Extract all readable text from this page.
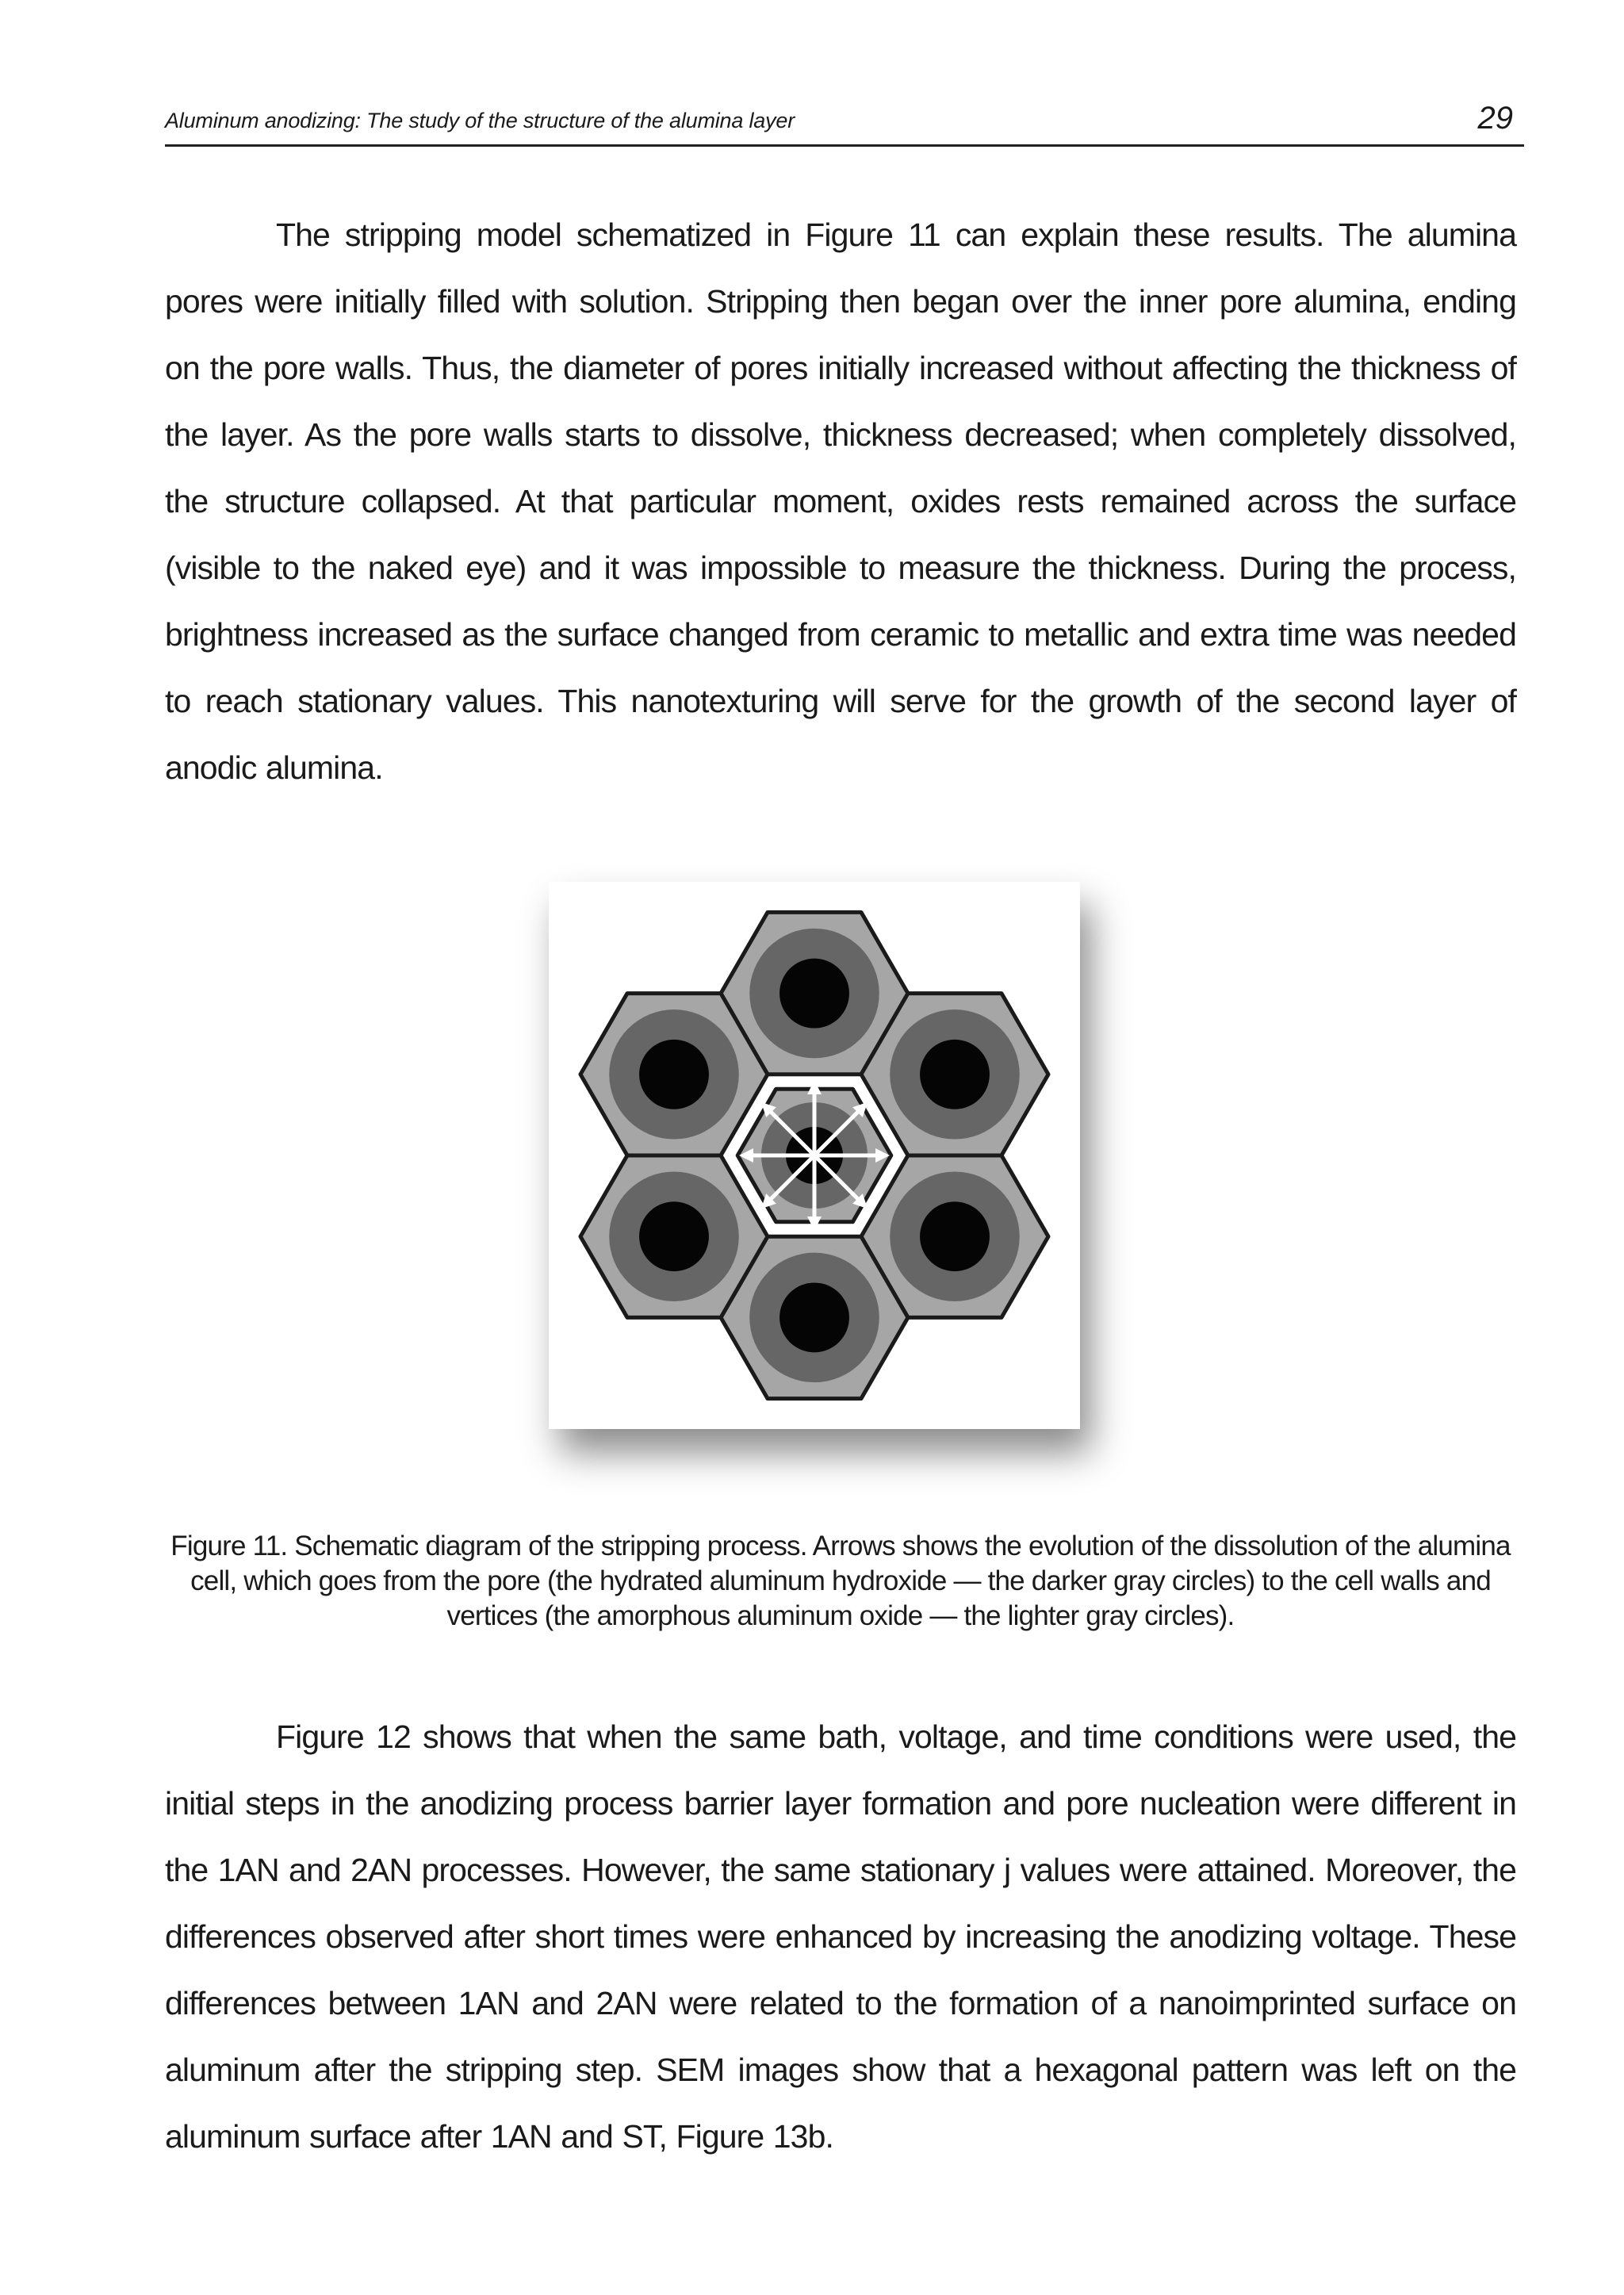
Aluminum anodizing: The study of the structure of the alumina layer	29

The stripping model schematized in Figure 11 can explain these results. The alumina pores were initially filled with solution. Stripping then began over the inner pore alumina, ending on the pore walls. Thus, the diameter of pores initially increased without affecting the thickness of the layer. As the pore walls starts to dissolve, thickness decreased; when completely dissolved, the structure collapsed. At that particular moment, oxides rests remained across the surface (visible to the naked eye) and it was impossible to measure the thickness. During the process, brightness increased as the surface changed from ceramic to metallic and extra time was needed to reach stationary values. This nanotexturing will serve for the growth of the second layer of anodic alumina.

Figure 11. Schematic diagram of the stripping process. Arrows shows the evolution of the dissolution of the alumina cell, which goes from the pore (the hydrated aluminum hydroxide — the darker gray circles) to the cell walls and vertices (the amorphous aluminum oxide — the lighter gray circles).

Figure 12 shows that when the same bath, voltage, and time conditions were used, the initial steps in the anodizing process barrier layer formation and pore nucleation were different in the 1AN and 2AN processes. However, the same stationary j values were attained. Moreover, the differences observed after short times were enhanced by increasing the anodizing voltage. These differences between 1AN and 2AN were related to the formation of a nanoimprinted surface on aluminum after the stripping step. SEM images show that a hexagonal pattern was left on the aluminum surface after 1AN and ST, Figure 13b.
